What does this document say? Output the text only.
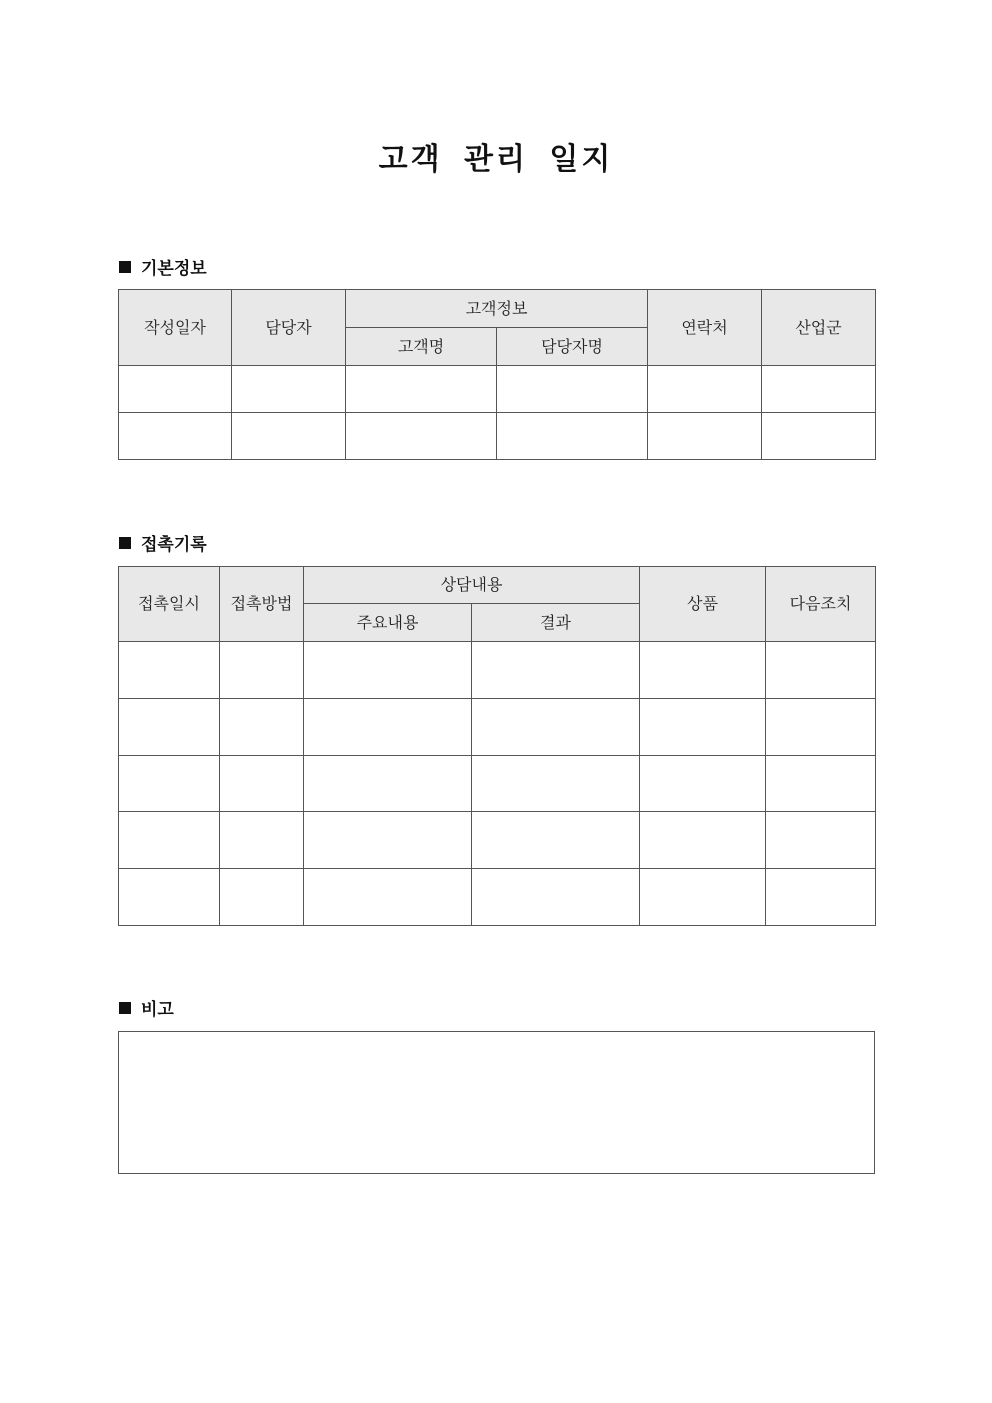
고객 관리 일지
기본정보
작성일자	담당자	고객정보		연락처	산업군
		고객명	담당자명		

접촉기록
접촉일시	접촉방법	상담내용		상품	다음조치
		주요내용	결과		

비고
